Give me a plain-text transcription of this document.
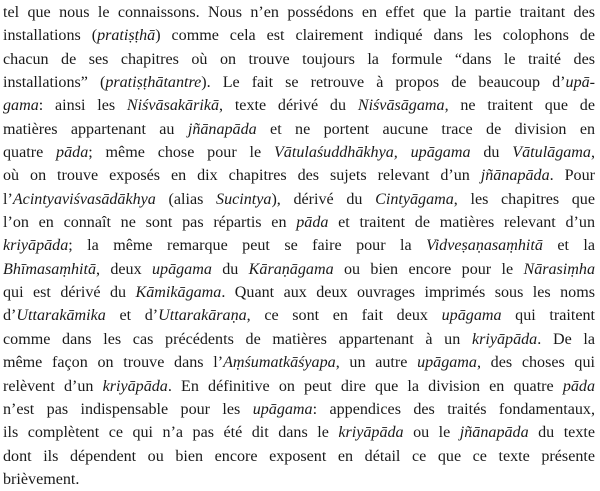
tel que nous le connaissons. Nous n’en possédons en effet que la partie traitant des
installations (pratiṣṭhā) comme cela est clairement indiqué dans les colophons de
chacun de ses chapitres où on trouve toujours la formule “dans le traité des
installations” (pratiṣṭhātantre). Le fait se retrouve à propos de beaucoup d’upā-
gama: ainsi les Niśvāsakārikā, texte dérivé du Niśvāsāgama, ne traitent que de
matières appartenant au jñānapāda et ne portent aucune trace de division en
quatre pāda; même chose pour le Vātulaśuddhākhya, upāgama du Vātulāgama,
où on trouve exposés en dix chapitres des sujets relevant d’un jñānapāda. Pour
l’Acintyaviśvasādākhya (alias Sucintya), dérivé du Cintyāgama, les chapitres que
l’on en connaît ne sont pas répartis en pāda et traitent de matières relevant d’un
kriyāpāda; la même remarque peut se faire pour la Vidveṣaṇasaṃhitā et la
Bhīmasaṃhitā, deux upāgama du Kāraṇāgama ou bien encore pour le Nārasiṃha
qui est dérivé du Kāmikāgama. Quant aux deux ouvrages imprimés sous les noms
d’Uttarakāmika et d’Uttarakāraṇa, ce sont en fait deux upāgama qui traitent
comme dans les cas précédents de matières appartenant à un kriyāpāda. De la
même façon on trouve dans l’Aṃśumatkāśyapa, un autre upāgama, des choses qui
relèvent d’un kriyāpāda. En définitive on peut dire que la division en quatre pāda
n’est pas indispensable pour les upāgama: appendices des traités fondamentaux,
ils complètent ce qui n’a pas été dit dans le kriyāpāda ou le jñānapāda du texte
dont ils dépendent ou bien encore exposent en détail ce que ce texte présente
brièvement.
